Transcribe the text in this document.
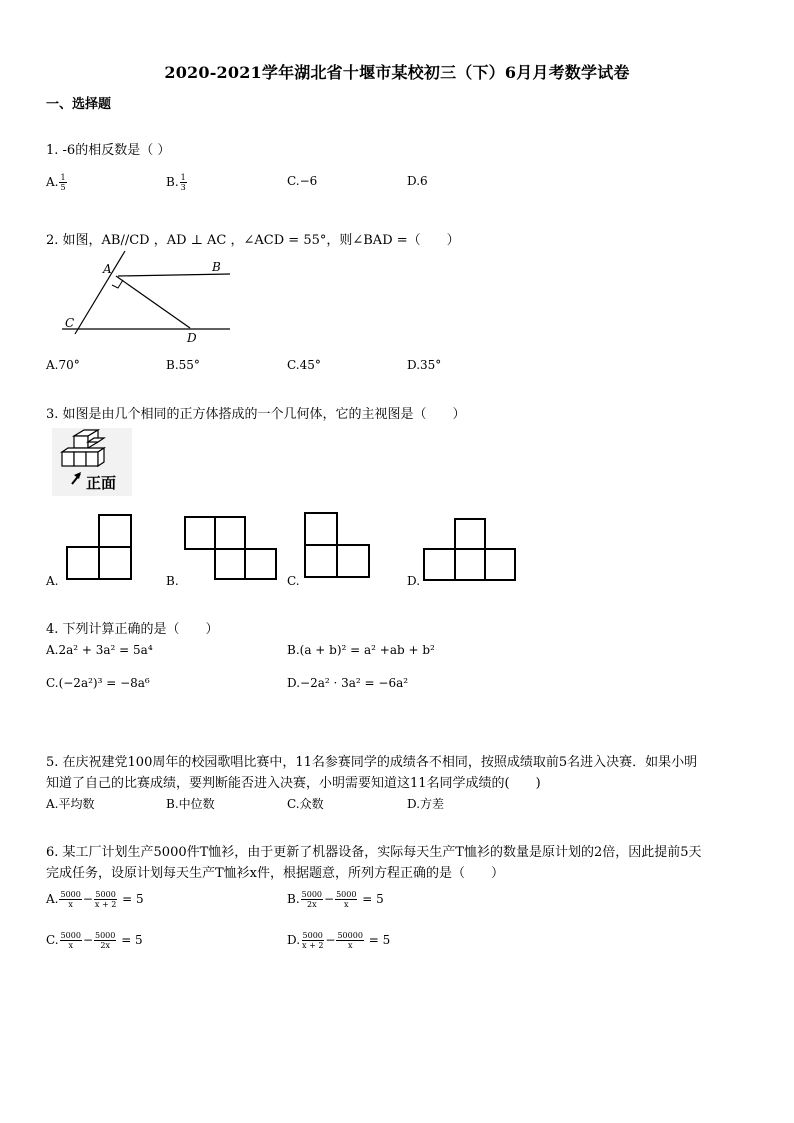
2020-2021学年湖北省十堰市某校初三（下）6月月考数学试卷
一、选择题
1. -6的相反数是（ ）
A. $\frac{1}{5}$	B. $\frac{1}{3}$	C.−6	D.6
2. 如图，AB//CD ，AD ⊥ AC ，∠ACD = 55°，则∠BAD =（　　）
A	B
C
D
A.70°	B.55°	C.45°	D.35°
3. 如图是由几个相同的正方体搭成的一个几何体，它的主视图是（　　）
正面
A.	B.	C.	D.
4. 下列计算正确的是（　　）
A.2a² + 3a² = 5a⁴	B.(a + b)² = a² +ab + b²
C.(−2a²)³ = −8a⁶	D.−2a² · 3a² = −6a²
5. 在庆祝建党100周年的校园歌唱比赛中，11名参赛同学的成绩各不相同，按照成绩取前5名进入决赛．如果小明
知道了自己的比赛成绩，要判断能否进入决赛，小明需要知道这11名同学成绩的(　　)
A.平均数	B.中位数	C.众数	D.方差
6. 某工厂计划生产5000件T恤衫，由于更新了机器设备，实际每天生产T恤衫的数量是原计划的2倍，因此提前5天
完成任务，设原计划每天生产T恤衫x件，根据题意，所列方程正确的是（　　）
A. $\frac{5000}{x} - \frac{5000}{x + 2} = 5$	B. $\frac{5000}{2x} - \frac{5000}{x} = 5$
C. $\frac{5000}{x} - \frac{5000}{2x} = 5$	D. $\frac{5000}{x + 2} - \frac{50000}{x} = 5$
